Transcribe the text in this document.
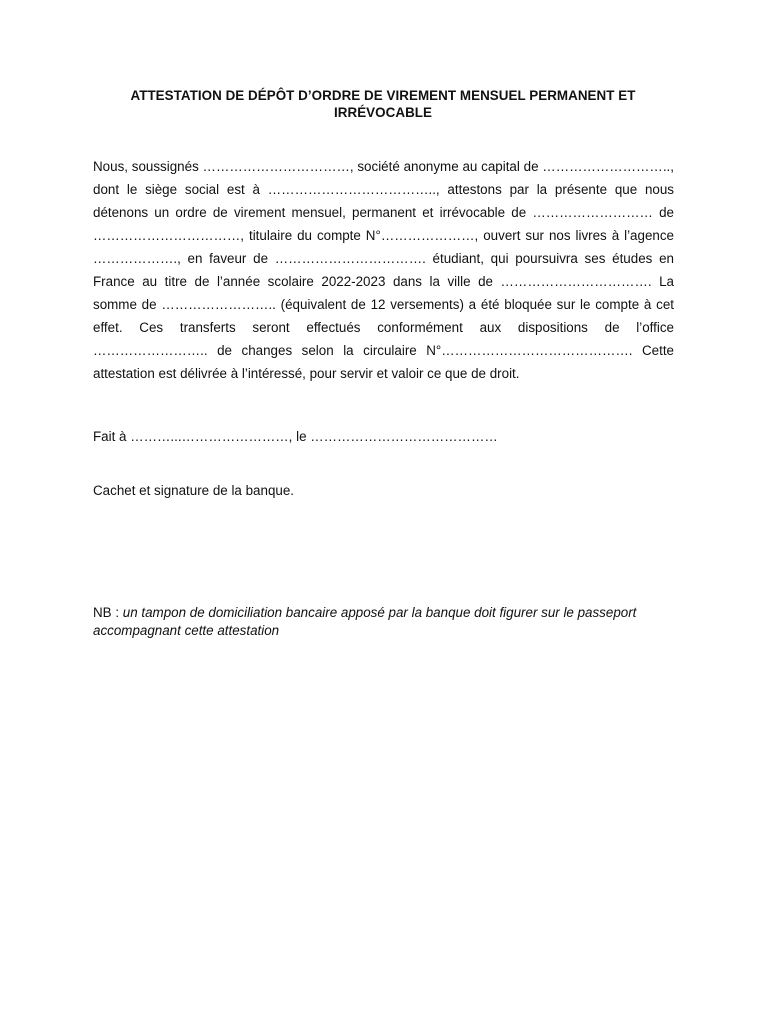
ATTESTATION DE DÉPÔT D’ORDRE DE VIREMENT MENSUEL PERMANENT ET IRRÉVOCABLE

Nous, soussignés ……………………………, société anonyme au capital de ……………………….., dont le siège social est à ……………………………….., attestons par la présente que nous détenons un ordre de virement mensuel, permanent et irrévocable de ……………………… de ……………………………, titulaire du compte N°…………………, ouvert sur nos livres à l’agence ………………., en faveur de ……………………………. étudiant, qui poursuivra ses études en France au titre de l’année scolaire 2022-2023 dans la ville de ……………………………. La somme de …………………….. (équivalent de 12 versements) a été bloquée sur le compte à cet effet. Ces transferts seront effectués conformément aux dispositions de l’office …………………….. de changes selon la circulaire N°……………………………………. Cette attestation est délivrée à l’intéressé, pour servir et valoir ce que de droit.

Fait à ………...……………………, le ……………………………………

Cachet et signature de la banque.

NB : un tampon de domiciliation bancaire apposé par la banque doit figurer sur le passeport accompagnant cette attestation
